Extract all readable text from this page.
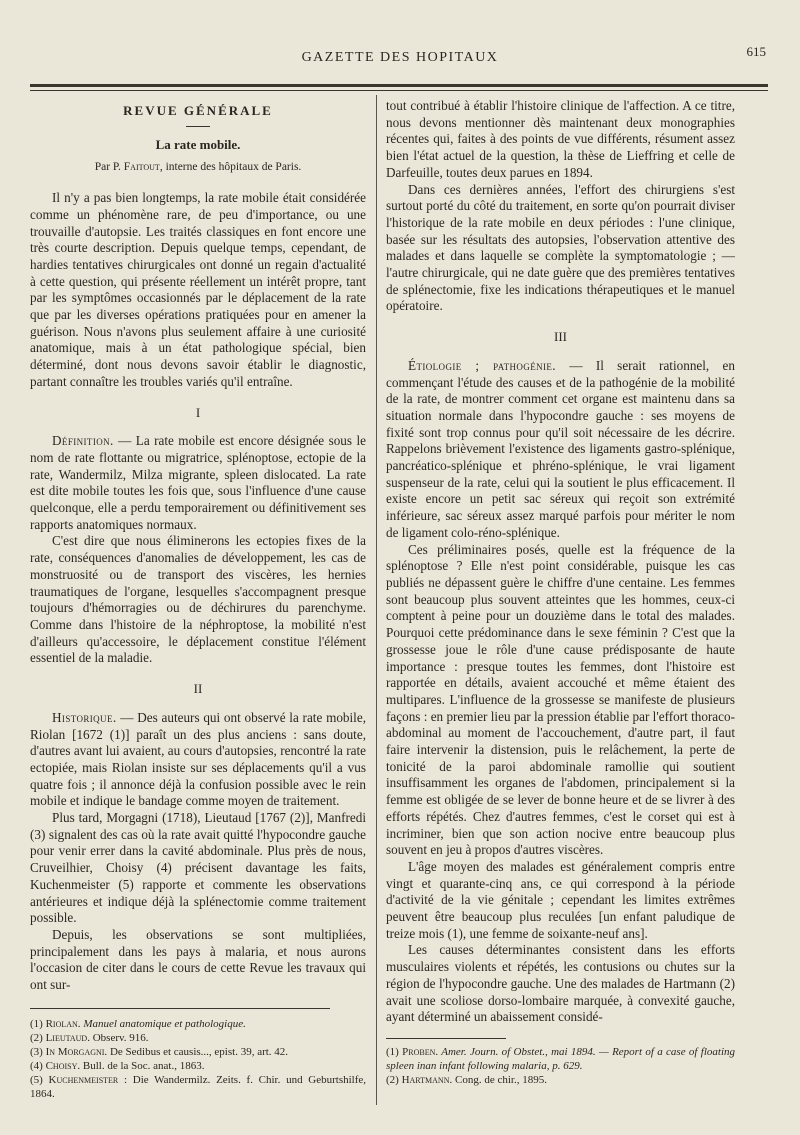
GAZETTE DES HOPITAUX	615
REVUE GÉNÉRALE
La rate mobile.
Par P. Faitout, interne des hôpitaux de Paris.

Il n'y a pas bien longtemps, la rate mobile était considérée comme un phénomène rare, de peu d'importance, ou une trouvaille d'autopsie. Les traités classiques en font encore une très courte description. Depuis quelque temps, cependant, de hardies tentatives chirurgicales ont donné un regain d'actualité à cette question, qui présente réellement un intérêt propre, tant par les symptômes occasionnés par le déplacement de la rate que par les diverses opérations pratiquées pour en amener la guérison. Nous n'avons plus seulement affaire à une curiosité anatomique, mais à un état pathologique spécial, bien déterminé, dont nous devons savoir établir le diagnostic, partant connaître les troubles variés qu'il entraîne.

I

Définition. — La rate mobile est encore désignée sous le nom de rate flottante ou migratrice, splénoptose, ectopie de la rate, Wandermilz, Milza migrante, spleen dislocated. La rate est dite mobile toutes les fois que, sous l'influence d'une cause quelconque, elle a perdu temporairement ou définitivement ses rapports anatomiques normaux.

C'est dire que nous éliminerons les ectopies fixes de la rate, conséquences d'anomalies de développement, les cas de monstruosité ou de transport des viscères, les hernies traumatiques de l'organe, lesquelles s'accompagnent presque toujours d'hémorragies ou de déchirures du parenchyme. Comme dans l'histoire de la néphroptose, la mobilité n'est d'ailleurs qu'accessoire, le déplacement constitue l'élément essentiel de la maladie.

II

Historique. — Des auteurs qui ont observé la rate mobile, Riolan [1672 (1)] paraît un des plus anciens : sans doute, d'autres avant lui avaient, au cours d'autopsies, rencontré la rate ectopiée, mais Riolan insiste sur ses déplacements qu'il a vus quatre fois ; il annonce déjà la confusion possible avec le rein mobile et indique le bandage comme moyen de traitement.

Plus tard, Morgagni (1718), Lieutaud [1767 (2)], Manfredi (3) signalent des cas où la rate avait quitté l'hypocondre gauche pour venir errer dans la cavité abdominale. Plus près de nous, Cruveilhier, Choisy (4) précisent davantage les faits, Kuchenmeister (5) rapporte et commente les observations antérieures et indique déjà la splénectomie comme traitement possible.

Depuis, les observations se sont multipliées, principalement dans les pays à malaria, et nous aurons l'occasion de citer dans le cours de cette Revue les travaux qui ont sur-

(1) Riolan. Manuel anatomique et pathologique.
(2) Lieutaud. Observ. 916.
(3) In Morgagni. De Sedibus et causis..., epist. 39, art. 42.
(4) Choisy. Bull. de la Soc. anat., 1863.
(5) Kuchenmeister : Die Wandermilz. Zeits. f. Chir. und Geburtshilfe, 1864.

tout contribué à établir l'histoire clinique de l'affection. A ce titre, nous devons mentionner dès maintenant deux monographies récentes qui, faites à des points de vue différents, résument assez bien l'état actuel de la question, la thèse de Lieffring et celle de Darfeuille, toutes deux parues en 1894.

Dans ces dernières années, l'effort des chirurgiens s'est surtout porté du côté du traitement, en sorte qu'on pourrait diviser l'historique de la rate mobile en deux périodes : l'une clinique, basée sur les résultats des autopsies, l'observation attentive des malades et dans laquelle se complète la symptomatologie ; — l'autre chirurgicale, qui ne date guère que des premières tentatives de splénectomie, fixe les indications thérapeutiques et le manuel opératoire.

III

Étiologie ; pathogénie. — Il serait rationnel, en commençant l'étude des causes et de la pathogénie de la mobilité de la rate, de montrer comment cet organe est maintenu dans sa situation normale dans l'hypocondre gauche : ses moyens de fixité sont trop connus pour qu'il soit nécessaire de les décrire. Rappelons brièvement l'existence des ligaments gastro-splénique, pancréatico-splénique et phréno-splénique, le vrai ligament suspenseur de la rate, celui qui la soutient le plus efficacement. Il existe encore un petit sac séreux qui reçoit son extrémité inférieure, sac séreux assez marqué parfois pour mériter le nom de ligament colo-réno-splénique.

Ces préliminaires posés, quelle est la fréquence de la splénoptose ? Elle n'est point considérable, puisque les cas publiés ne dépassent guère le chiffre d'une centaine. Les femmes sont beaucoup plus souvent atteintes que les hommes, ceux-ci comptent à peine pour un douzième dans le total des malades. Pourquoi cette prédominance dans le sexe féminin ? C'est que la grossesse joue le rôle d'une cause prédisposante de haute importance : presque toutes les femmes, dont l'histoire est rapportée en détails, avaient accouché et même étaient des multipares. L'influence de la grossesse se manifeste de plusieurs façons : en premier lieu par la pression établie par l'effort thoraco-abdominal au moment de l'accouchement, d'autre part, il faut faire intervenir la distension, puis le relâchement, la perte de tonicité de la paroi abdominale ramollie qui soutient insuffisamment les organes de l'abdomen, principalement si la femme est obligée de se lever de bonne heure et de se livrer à des efforts répétés. Chez d'autres femmes, c'est le corset qui est à incriminer, bien que son action nocive entre beaucoup plus souvent en jeu à propos d'autres viscères.

L'âge moyen des malades est généralement compris entre vingt et quarante-cinq ans, ce qui correspond à la période d'activité de la vie génitale ; cependant les limites extrêmes peuvent être beaucoup plus reculées [un enfant paludique de treize mois (1), une femme de soixante-neuf ans].

Les causes déterminantes consistent dans les efforts musculaires violents et répétés, les contusions ou chutes sur la région de l'hypocondre gauche. Une des malades de Hartmann (2) avait une scoliose dorso-lombaire marquée, à convexité gauche, ayant déterminé un abaissement considé-

(1) Proben. Amer. Journ. of Obstet., mai 1894. — Report of a case of floating spleen inan infant following malaria, p. 629.
(2) Hartmann. Cong. de chir., 1895.
